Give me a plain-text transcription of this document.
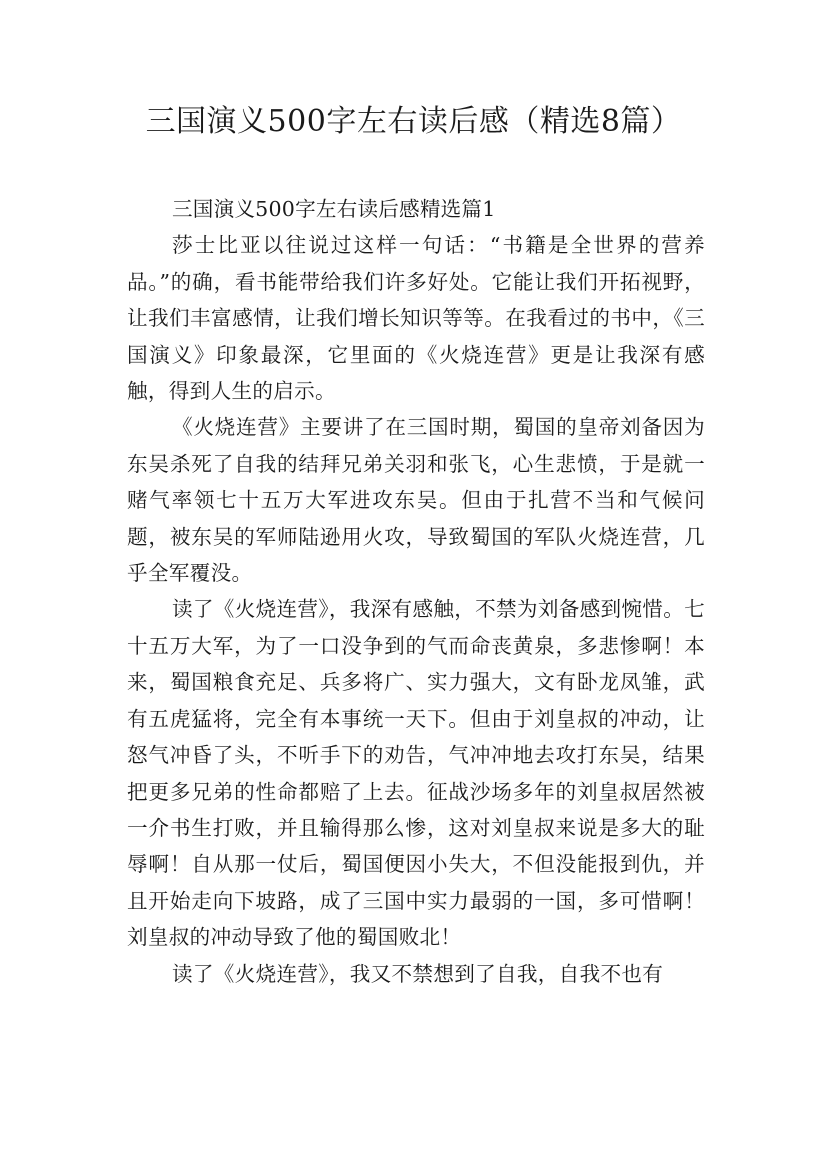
三国演义500字左右读后感（精选8篇）

三国演义500字左右读后感精选篇1

莎士比亚以往说过这样一句话：“书籍是全世界的营养品。”的确，看书能带给我们许多好处。它能让我们开拓视野，让我们丰富感情，让我们增长知识等等。在我看过的书中，《三国演义》印象最深，它里面的《火烧连营》更是让我深有感触，得到人生的启示。

《火烧连营》主要讲了在三国时期，蜀国的皇帝刘备因为东吴杀死了自我的结拜兄弟关羽和张飞，心生悲愤，于是就一赌气率领七十五万大军进攻东吴。但由于扎营不当和气候问题，被东吴的军师陆逊用火攻，导致蜀国的军队火烧连营，几乎全军覆没。

读了《火烧连营》，我深有感触，不禁为刘备感到惋惜。七十五万大军，为了一口没争到的气而命丧黄泉，多悲惨啊！本来，蜀国粮食充足、兵多将广、实力强大，文有卧龙凤雏，武有五虎猛将，完全有本事统一天下。但由于刘皇叔的冲动，让怒气冲昏了头，不听手下的劝告，气冲冲地去攻打东吴，结果把更多兄弟的性命都赔了上去。征战沙场多年的刘皇叔居然被一介书生打败，并且输得那么惨，这对刘皇叔来说是多大的耻辱啊！自从那一仗后，蜀国便因小失大，不但没能报到仇，并且开始走向下坡路，成了三国中实力最弱的一国，多可惜啊！刘皇叔的冲动导致了他的蜀国败北！

读了《火烧连营》，我又不禁想到了自我，自我不也有
